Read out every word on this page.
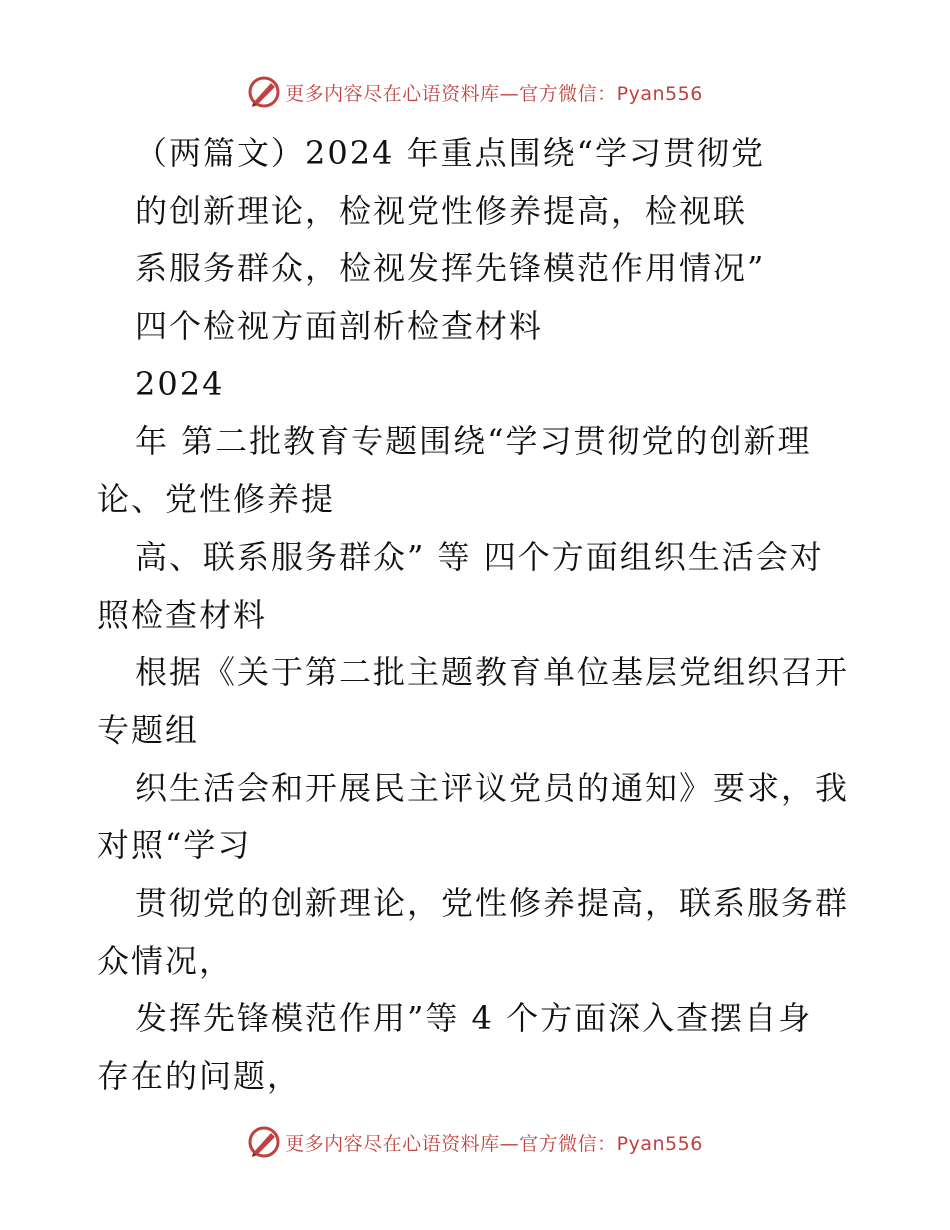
更多内容尽在心语资料库—官方微信：Pyan556
（两篇文）2024 年重点围绕“学习贯彻党
的创新理论，检视党性修养提高，检视联
系服务群众，检视发挥先锋模范作用情况”
四个检视方面剖析检查材料
2024
年 第二批教育专题围绕“学习贯彻党的创新理
论、党性修养提
高、联系服务群众” 等 四个方面组织生活会对
照检查材料
根据《关于第二批主题教育单位基层党组织召开
专题组
织生活会和开展民主评议党员的通知》要求，我
对照“学习
贯彻党的创新理论，党性修养提高，联系服务群
众情况，
发挥先锋模范作用”等 4 个方面深入查摆自身
存在的问题，
更多内容尽在心语资料库—官方微信：Pyan556
